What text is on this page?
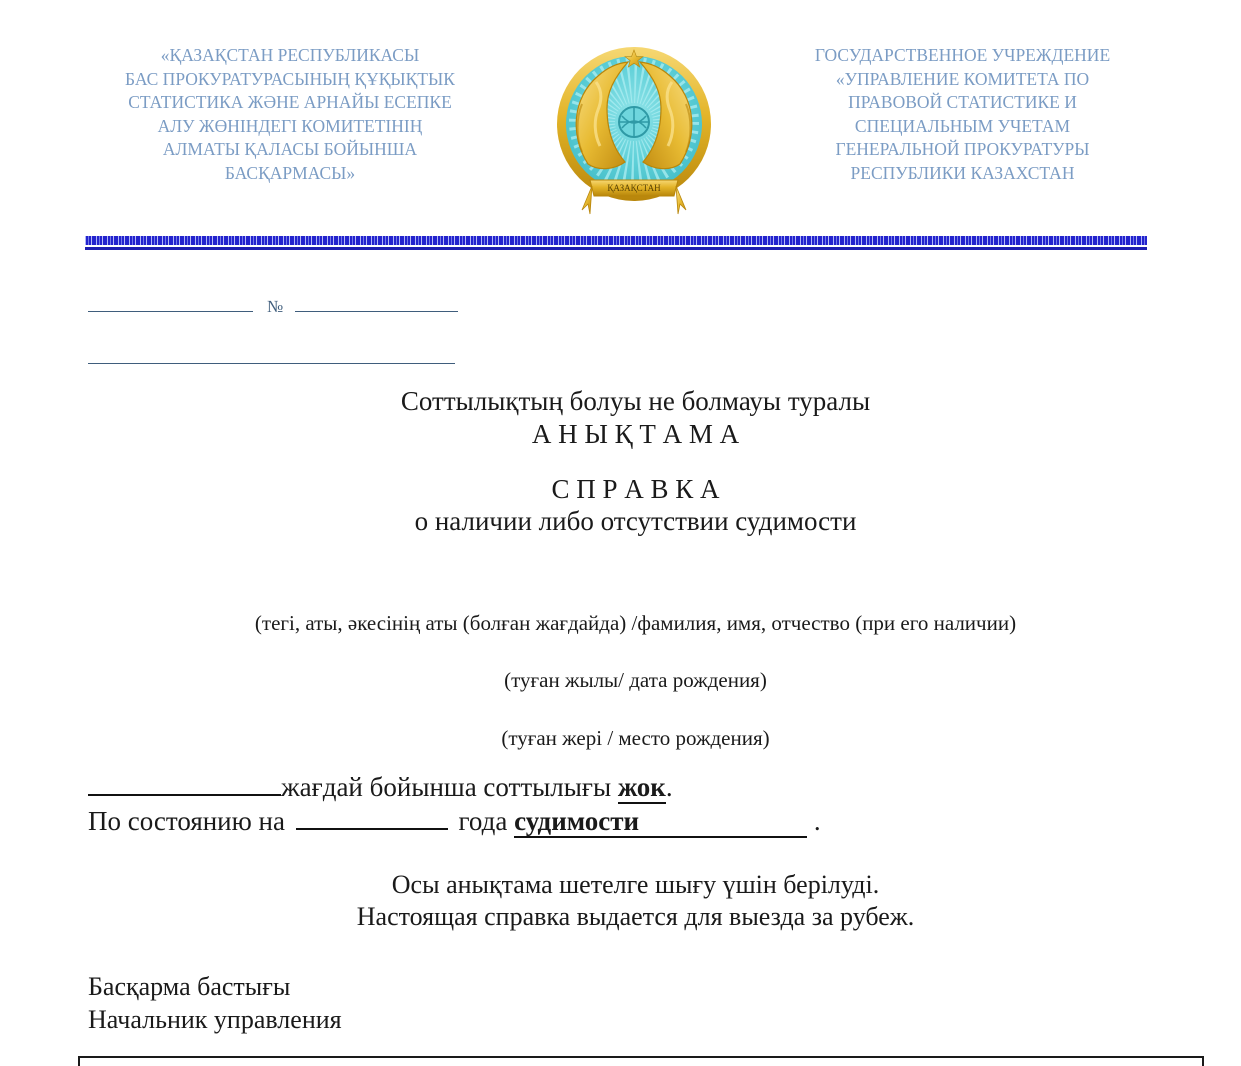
«ҚАЗАҚСТАН РЕСПУБЛИКАСЫ
БАС ПРОКУРАТУРАСЫНЫҢ ҚҰҚЫҚТЫК
СТАТИСТИКА ЖӘНЕ АРНАЙЫ ЕСЕПКЕ
АЛУ ЖӨНІНДЕГІ КОМИТЕТІНІҢ
АЛМАТЫ ҚАЛАСЫ БОЙЫНША
БАСҚАРМАСЫ»
ҚАЗАҚСТАН
ГОСУДАРСТВЕННОЕ УЧРЕЖДЕНИЕ
«УПРАВЛЕНИЕ КОМИТЕТА ПО
ПРАВОВОЙ СТАТИСТИКЕ И
СПЕЦИАЛЬНЫМ УЧЕТАМ
ГЕНЕРАЛЬНОЙ ПРОКУРАТУРЫ
РЕСПУБЛИКИ КАЗАХСТАН
№
Соттылықтың болуы не болмауы туралы
А Н Ы Қ Т А М А
С П Р А В К А
о наличии либо отсутствии судимости
(тегі, аты, әкесінің аты (болған жағдайда) /фамилия, имя, отчество (при его наличии)
(туған жылы/ дата рождения)
(туған жері / место рождения)
жағдай бойынша соттылығы жок.
По состоянию на	года судимости	.
Осы анықтама шетелге шығу үшін берілуді.
Настоящая справка выдается для выезда за рубеж.
Басқарма бастығы
Начальник управления
